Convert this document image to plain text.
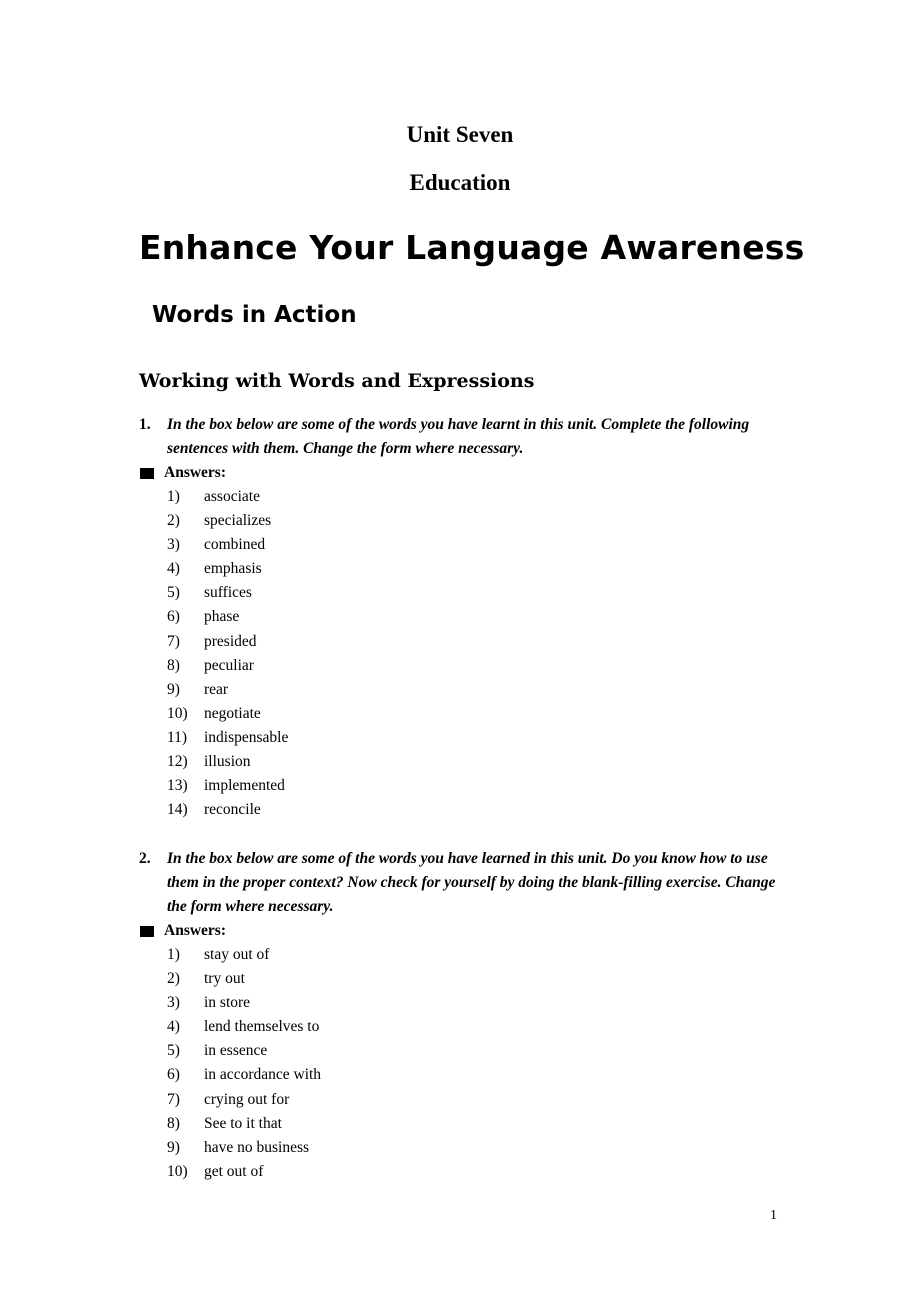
Unit Seven
Education
Enhance Your Language Awareness
Words in Action
Working with Words and Expressions
1. In the box below are some of the words you have learnt in this unit. Complete the following sentences with them. Change the form where necessary.
Answers:
1) associate
2) specializes
3) combined
4) emphasis
5) suffices
6) phase
7) presided
8) peculiar
9) rear
10) negotiate
11) indispensable
12) illusion
13) implemented
14) reconcile
2. In the box below are some of the words you have learned in this unit. Do you know how to use them in the proper context? Now check for yourself by doing the blank-filling exercise. Change the form where necessary.
Answers:
1) stay out of
2) try out
3) in store
4) lend themselves to
5) in essence
6) in accordance with
7) crying out for
8) See to it that
9) have no business
10) get out of
1
